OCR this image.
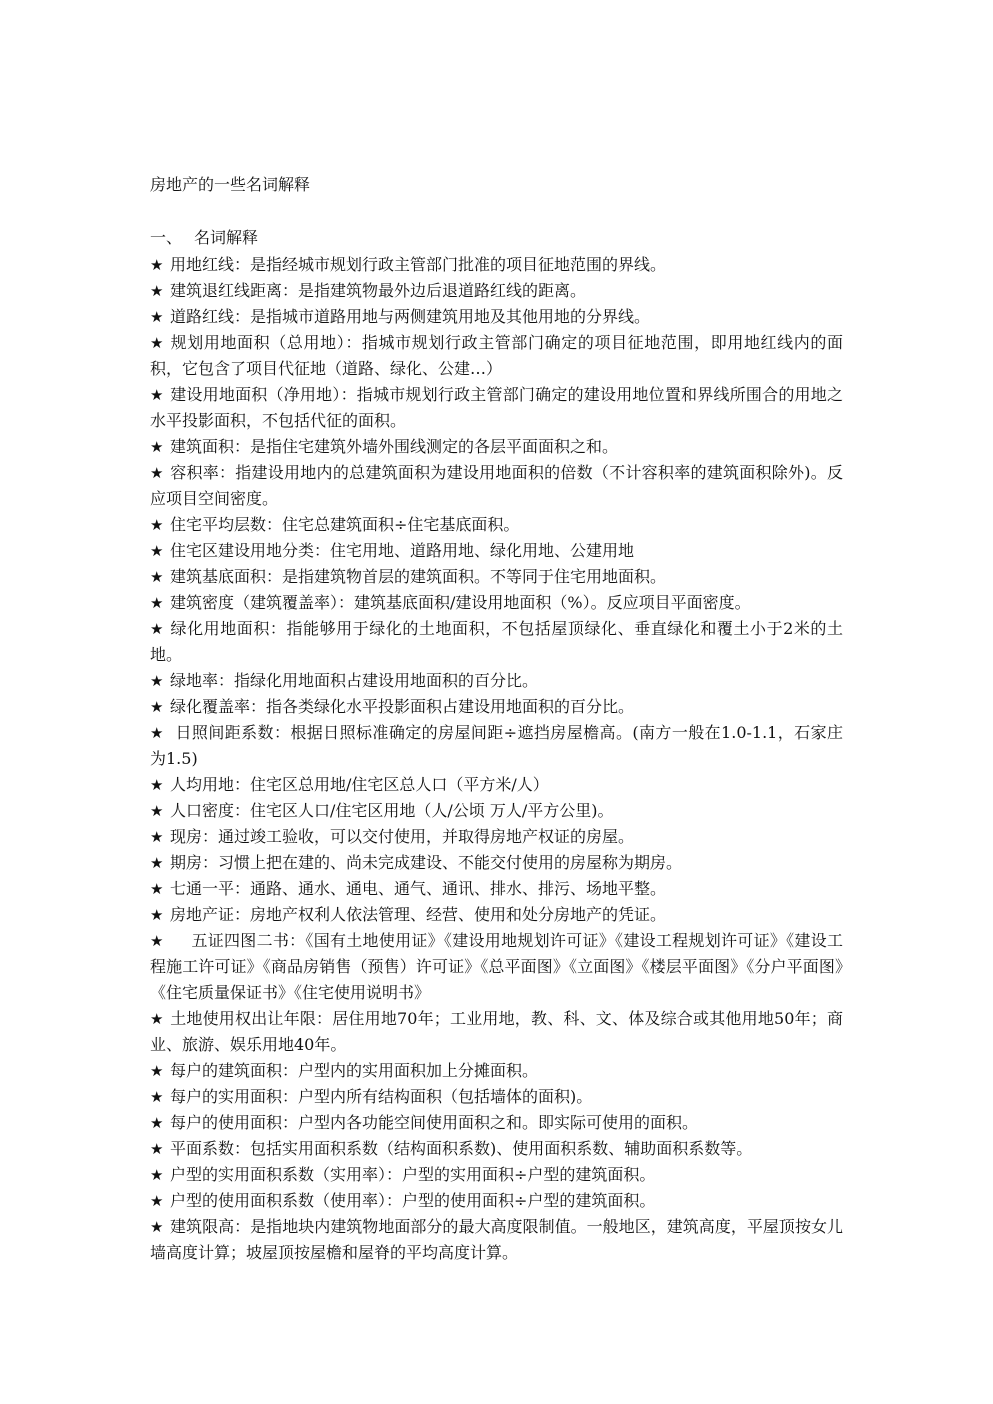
房地产的一些名词解释
一、 名词解释
★ 用地红线：是指经城市规划行政主管部门批准的项目征地范围的界线。
★ 建筑退红线距离：是指建筑物最外边后退道路红线的距离。
★ 道路红线：是指城市道路用地与两侧建筑用地及其他用地的分界线。
★ 规划用地面积（总用地）：指城市规划行政主管部门确定的项目征地范围，即用地红线内的面积，它包含了项目代征地（道路、绿化、公建…）
★ 建设用地面积（净用地）：指城市规划行政主管部门确定的建设用地位置和界线所围合的用地之水平投影面积，不包括代征的面积。
★ 建筑面积：是指住宅建筑外墙外围线测定的各层平面面积之和。
★ 容积率：指建设用地内的总建筑面积为建设用地面积的倍数（不计容积率的建筑面积除外)。反应项目空间密度。
★ 住宅平均层数：住宅总建筑面积÷住宅基底面积。
★ 住宅区建设用地分类：住宅用地、道路用地、绿化用地、公建用地
★ 建筑基底面积：是指建筑物首层的建筑面积。不等同于住宅用地面积。
★ 建筑密度（建筑覆盖率）：建筑基底面积/建设用地面积（%）。反应项目平面密度。
★ 绿化用地面积：指能够用于绿化的土地面积，不包括屋顶绿化、垂直绿化和覆土小于2米的土地。
★ 绿地率：指绿化用地面积占建设用地面积的百分比。
★ 绿化覆盖率：指各类绿化水平投影面积占建设用地面积的百分比。
★ 日照间距系数：根据日照标准确定的房屋间距÷遮挡房屋檐高。(南方一般在1.0-1.1，石家庄为1.5)
★ 人均用地：住宅区总用地/住宅区总人口（平方米/人）
★ 人口密度：住宅区人口/住宅区用地（人/公顷 万人/平方公里)。
★ 现房：通过竣工验收，可以交付使用，并取得房地产权证的房屋。
★ 期房：习惯上把在建的、尚未完成建设、不能交付使用的房屋称为期房。
★ 七通一平：通路、通水、通电、通气、通讯、排水、排污、场地平整。
★ 房地产证：房地产权利人依法管理、经营、使用和处分房地产的凭证。
★    五证四图二书：《国有土地使用证》《建设用地规划许可证》《建设工程规划许可证》《建设工程施工许可证》《商品房销售（预售）许可证》《总平面图》《立面图》《楼层平面图》《分户平面图》《住宅质量保证书》《住宅使用说明书》
★ 土地使用权出让年限：居住用地70年；工业用地，教、科、文、体及综合或其他用地50年；商业、旅游、娱乐用地40年。
★ 每户的建筑面积：户型内的实用面积加上分摊面积。
★ 每户的实用面积：户型内所有结构面积（包括墙体的面积)。
★ 每户的使用面积：户型内各功能空间使用面积之和。即实际可使用的面积。
★ 平面系数：包括实用面积系数（结构面积系数)、使用面积系数、辅助面积系数等。
★ 户型的实用面积系数（实用率）：户型的实用面积÷户型的建筑面积。
★ 户型的使用面积系数（使用率）：户型的使用面积÷户型的建筑面积。
★ 建筑限高：是指地块内建筑物地面部分的最大高度限制值。一般地区，建筑高度，平屋顶按女儿墙高度计算；坡屋顶按屋檐和屋脊的平均高度计算。
